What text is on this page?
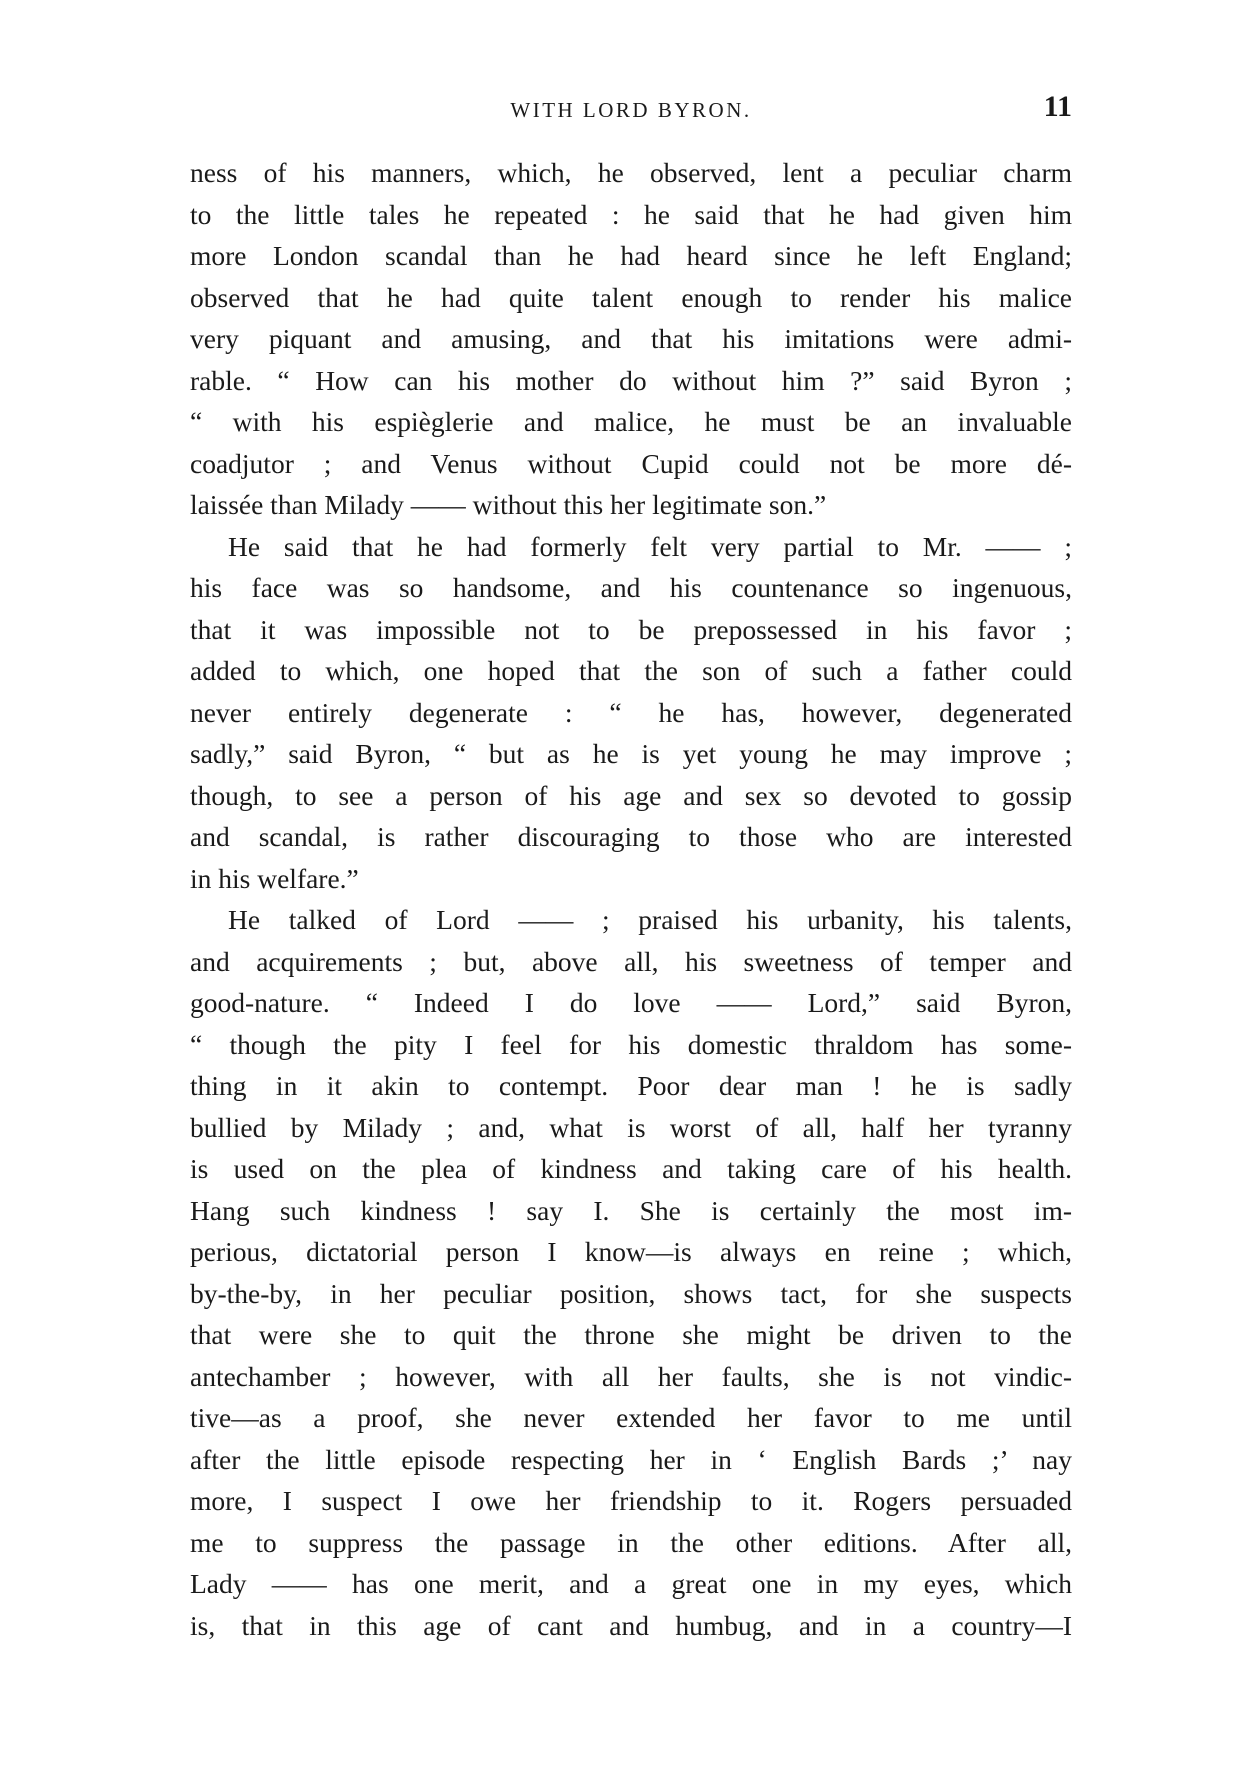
WITH LORD BYRON.	11
ness of his manners, which, he observed, lent a peculiar charm
to the little tales he repeated : he said that he had given him
more London scandal than he had heard since he left England;
observed that he had quite talent enough to render his malice
very piquant and amusing, and that his imitations were admi-
rable. “ How can his mother do without him ?” said Byron ;
“ with his espièglerie and malice, he must be an invaluable
coadjutor ; and Venus without Cupid could not be more dé-
laissée than Milady —— without this her legitimate son.”
He said that he had formerly felt very partial to Mr. —— ;
his face was so handsome, and his countenance so ingenuous,
that it was impossible not to be prepossessed in his favor ;
added to which, one hoped that the son of such a father could
never entirely degenerate : “ he has, however, degenerated
sadly,” said Byron, “ but as he is yet young he may improve ;
though, to see a person of his age and sex so devoted to gossip
and scandal, is rather discouraging to those who are interested
in his welfare.”
He talked of Lord —— ; praised his urbanity, his talents,
and acquirements ; but, above all, his sweetness of temper and
good-nature. “ Indeed I do love —— Lord,” said Byron,
“ though the pity I feel for his domestic thraldom has some-
thing in it akin to contempt. Poor dear man ! he is sadly
bullied by Milady ; and, what is worst of all, half her tyranny
is used on the plea of kindness and taking care of his health.
Hang such kindness ! say I. She is certainly the most im-
perious, dictatorial person I know—is always en reine ; which,
by-the-by, in her peculiar position, shows tact, for she suspects
that were she to quit the throne she might be driven to the
antechamber ; however, with all her faults, she is not vindic-
tive—as a proof, she never extended her favor to me until
after the little episode respecting her in ‘ English Bards ;’ nay
more, I suspect I owe her friendship to it. Rogers persuaded
me to suppress the passage in the other editions. After all,
Lady —— has one merit, and a great one in my eyes, which
is, that in this age of cant and humbug, and in a country—I
